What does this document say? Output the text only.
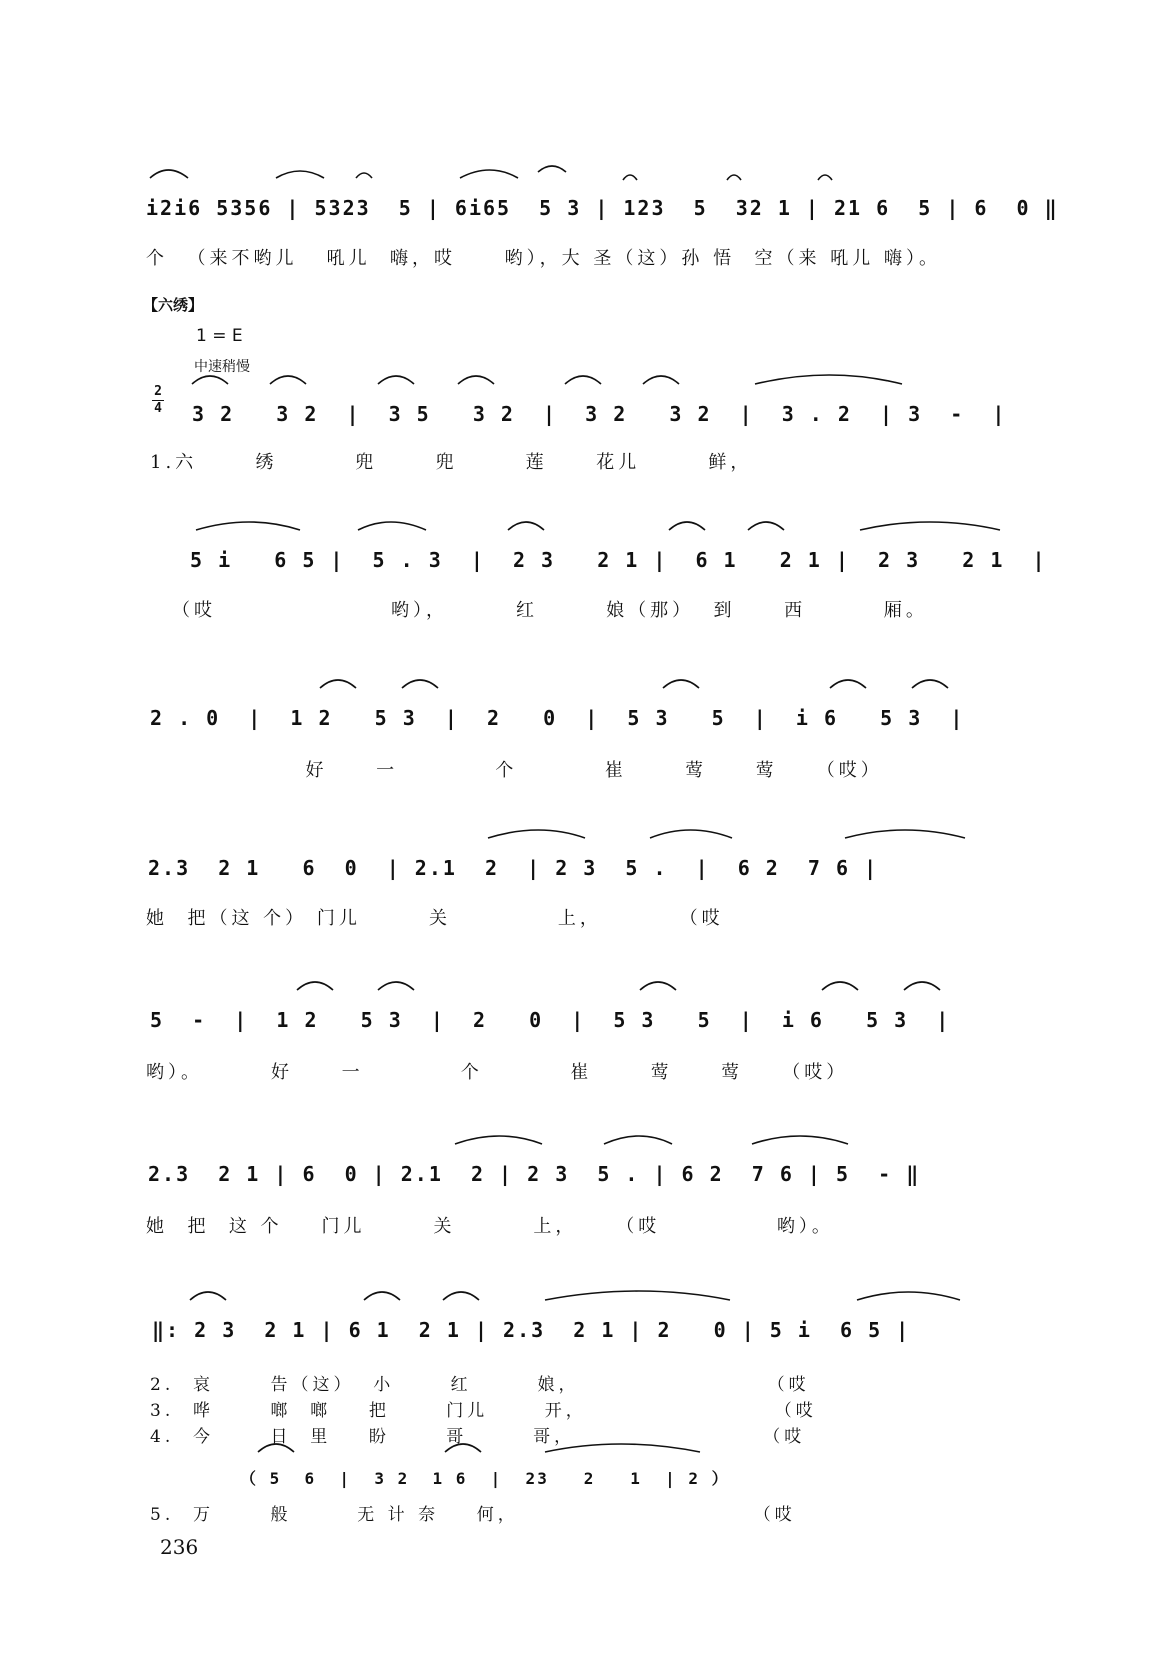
i2i6 5356 | 5323  5 | 6i65  5 3 | 123  5  32 1 | 21 6  5 | 6  0 ‖
个  （来不哟儿   吼儿  嗨，哎     哟），大 圣（这）孙 悟  空（来 吼儿 嗨）。
【六绣】
1 = E
中速稍慢
2
4 3 2   3 2  |  3 5   3 2  |  3 2   3 2  |  3 . 2  | 3  -  |
1.六      绣        兜      兜       莲     花儿       鲜，
5 i   6 5 |  5 . 3  |  2 3   2 1 |  6 1   2 1 |  2 3   2 1  |
（哎                  哟），       红       娘（那）  到     西        厢。
2 . 0  |  1 2   5 3  |  2   0  |  5 3   5  |  i 6   5 3  |
好     一          个         崔      莺     莺    （哎）
2.3  2 1   6  0  | 2.1  2  | 2 3  5 .  |  6 2  7 6 |
她  把（这 个） 门儿       关           上，        （哎
5  -  |  1 2   5 3  |  2   0  |  5 3   5  |  i 6   5 3  |
哟）。       好     一          个         崔      莺     莺    （哎）
2.3  2 1 | 6  0 | 2.1  2 | 2 3  5 . | 6 2  7 6 | 5  - ‖
她  把  这 个    门儿       关        上，    （哎            哟）。
‖: 2 3  2 1 | 6 1  2 1 | 2.3  2 1 | 2   0 | 5 i  6 5 |
2.  哀      告（这）  小      红       娘，                    （哎
3.  哗      啷  啷    把      门儿      开，                    （哎
4.  今      日  里    盼      哥       哥，                    （哎
（ 5  6  |  3 2  1 6  |  23   2   1  | 2 ）
5.  万      般       无 计 奈    何，                         （哎
236
